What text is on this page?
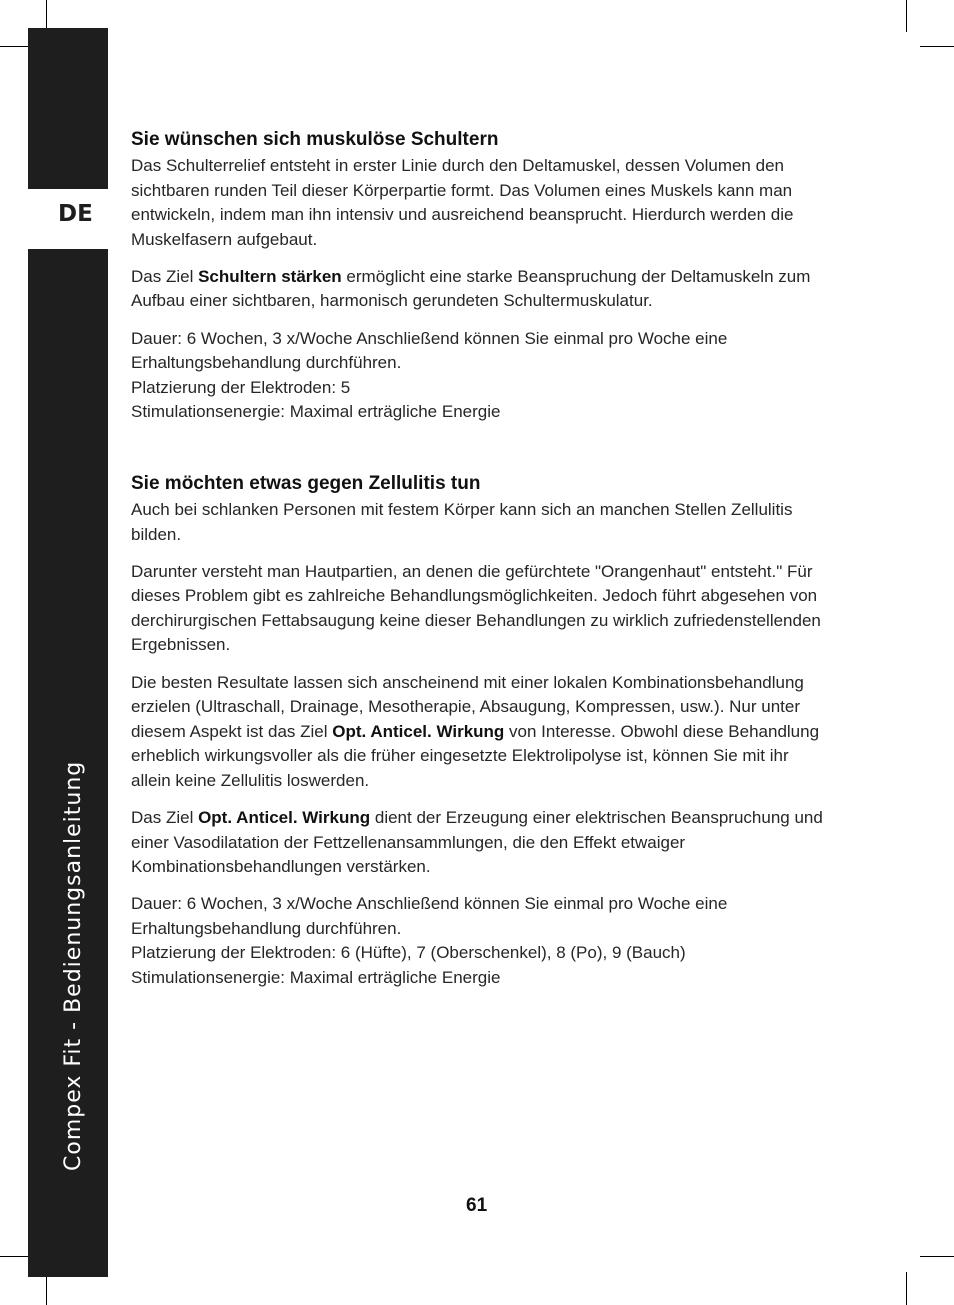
DE
Compex Fit - Bedienungsanleitung
Sie wünschen sich muskulöse Schultern

Das Schulterrelief entsteht in erster Linie durch den Deltamuskel, dessen Volumen den sichtbaren runden Teil dieser Körperpartie formt. Das Volumen eines Muskels kann man entwickeln, indem man ihn intensiv und ausreichend beansprucht. Hierdurch werden die Muskelfasern aufgebaut.

Das Ziel Schultern stärken ermöglicht eine starke Beanspruchung der Deltamuskeln zum Aufbau einer sichtbaren, harmonisch gerundeten Schultermuskulatur.

Dauer: 6 Wochen, 3 x/Woche Anschließend können Sie einmal pro Woche eine Erhaltungsbehandlung durchführen.
Platzierung der Elektroden: 5
Stimulationsenergie: Maximal erträgliche Energie
Sie möchten etwas gegen Zellulitis tun

Auch bei schlanken Personen mit festem Körper kann sich an manchen Stellen Zellulitis bilden.

Darunter versteht man Hautpartien, an denen die gefürchtete "Orangenhaut" entsteht." Für dieses Problem gibt es zahlreiche Behandlungsmöglichkeiten. Jedoch führt abgesehen von derchirurgischen Fettabsaugung keine dieser Behandlungen zu wirklich zufriedenstellenden Ergebnissen.

Die besten Resultate lassen sich anscheinend mit einer lokalen Kombinationsbehandlung erzielen (Ultraschall, Drainage, Mesotherapie, Absaugung, Kompressen, usw.). Nur unter diesem Aspekt ist das Ziel Opt. Anticel. Wirkung von Interesse. Obwohl diese Behandlung erheblich wirkungsvoller als die früher eingesetzte Elektrolipolyse ist, können Sie mit ihr allein keine Zellulitis loswerden.

Das Ziel Opt. Anticel. Wirkung dient der Erzeugung einer elektrischen Beanspruchung und einer Vasodilatation der Fettzellenansammlungen, die den Effekt etwaiger Kombinationsbehandlungen verstärken.

Dauer: 6 Wochen, 3 x/Woche Anschließend können Sie einmal pro Woche eine Erhaltungsbehandlung durchführen.
Platzierung der Elektroden: 6 (Hüfte), 7 (Oberschenkel), 8 (Po), 9 (Bauch)
Stimulationsenergie: Maximal erträgliche Energie
61
